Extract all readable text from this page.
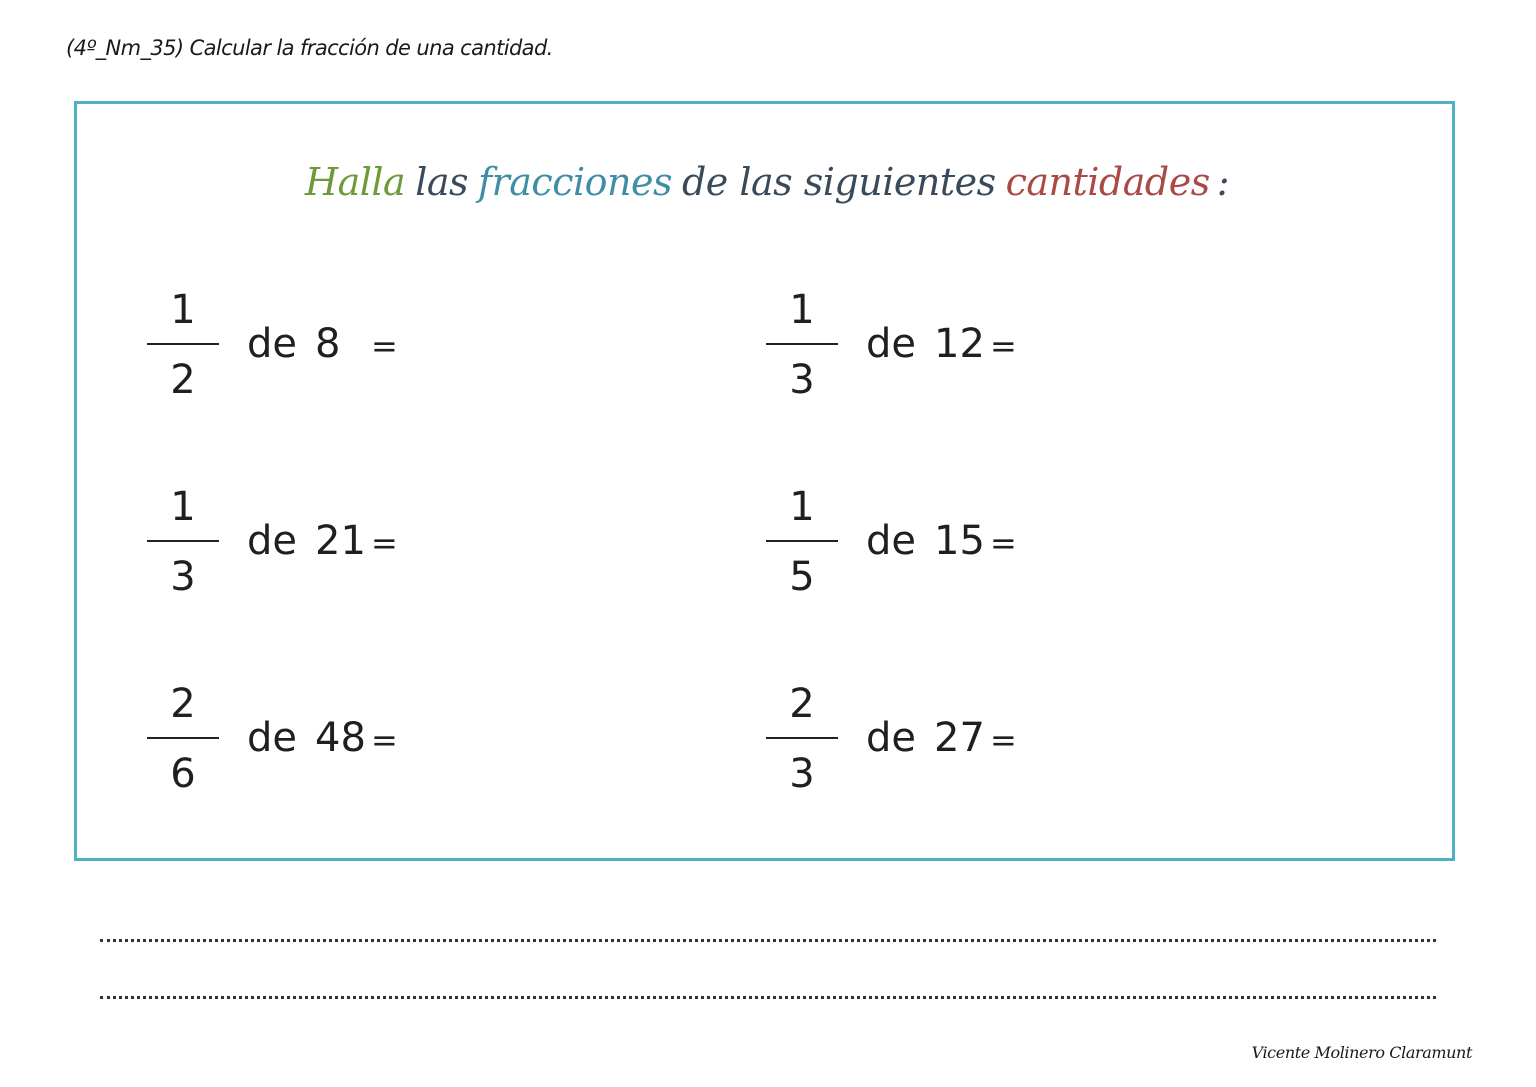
(4º_Nm_35) Calcular la fracción de una cantidad.
Halla las fracciones de las siguientes cantidades :
1
2
de 8 =
1
3
de 12 =
1
3
de 21 =
1
5
de 15 =
2
6
de 48 =
2
3
de 27 =
Vicente Molinero Claramunt
